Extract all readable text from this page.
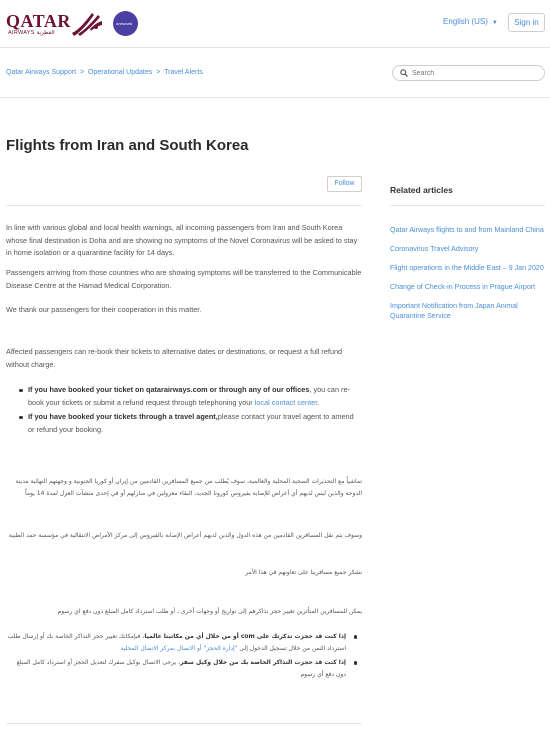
QATAR
AIRWAYS القطرية
oneworld	English (US) ▼	Sign in
Qatar Airways Support > Operational Updates > Travel Alerts
Search
Flights from Iran and South Korea
Follow

In line with various global and local health warnings, all incoming passengers from Iran and South Korea whose final destination is Doha and are showing no symptoms of the Novel Coronavirus will be asked to stay in home isolation or a quarantine facility for 14 days.

Passengers arriving from those countries who are showing symptoms will be transferred to the Communicable Disease Centre at the Hamad Medical Corporation.

We thank our passengers for their cooperation in this matter.

Affected passengers can re-book their tickets to alternative dates or destinations, or request a full refund without charge.

If you have booked your ticket on qatarairways.com or through any of our offices, you can re-book your tickets or submit a refund request through telephoning your local contact center.
If you have booked your tickets through a travel agent,please contact your travel agent to amend or refund your booking.

تماشياً مع التحذيرات الصحية المحلية والعالمية، سوف يُطلب من جميع المسافرين القادمين من إيران أو كوريا الجنوبية و وجهتهم النهائية مدينة الدوحة والذين ليس لديهم أي أعراض للإصابة بفيروس كورونا الجديد، البقاء معزولين في منازلهم أو في إحدى منشآت العزل لمدة 14 يوماً

وسوف يتم نقل المسافرين القادمين من هذه الدول والذين لديهم أعراض الإصابة بالفيروس إلى مركز الأمراض الانتقالية في مؤسسة حمد الطبية

نشكر جميع مسافرينا على تعاونهم في هذا الأمر

يمكن للمسافرين المتأثرين تغيير حجز تذاكرهم إلى تواريخ أو وجهات أخرى ، أو طلب استرداد كامل المبلغ دون دفع اي رسوم

إذا كنت قد حجزت تذكرتك على com أو من خلال أي من مكاتبنا عالميا، فبإمكانك تغيير حجز التذاكر الخاصة بك أو إرسال طلب استرداد الثمن من خلال تسجيل الدخول إلى "إدارة الحجز" أو الاتصال بمركز الاتصال المحلية
إذا كنت قد حجزت التذاكر الخاصة بك من خلال وكيل سفر، يرجى الاتصال بوكيل سفرك لتعديل الحجز أو استرداد كامل المبلغ دون دفع أي رسوم
Related articles
Qatar Airways flights to and from Mainland China
Coronavirus Travel Advisory
Flight operations in the Middle East – 9 Jan 2020
Change of Check-in Process in Prague Airport
Important Notification from Japan Animal Quarantine Service
